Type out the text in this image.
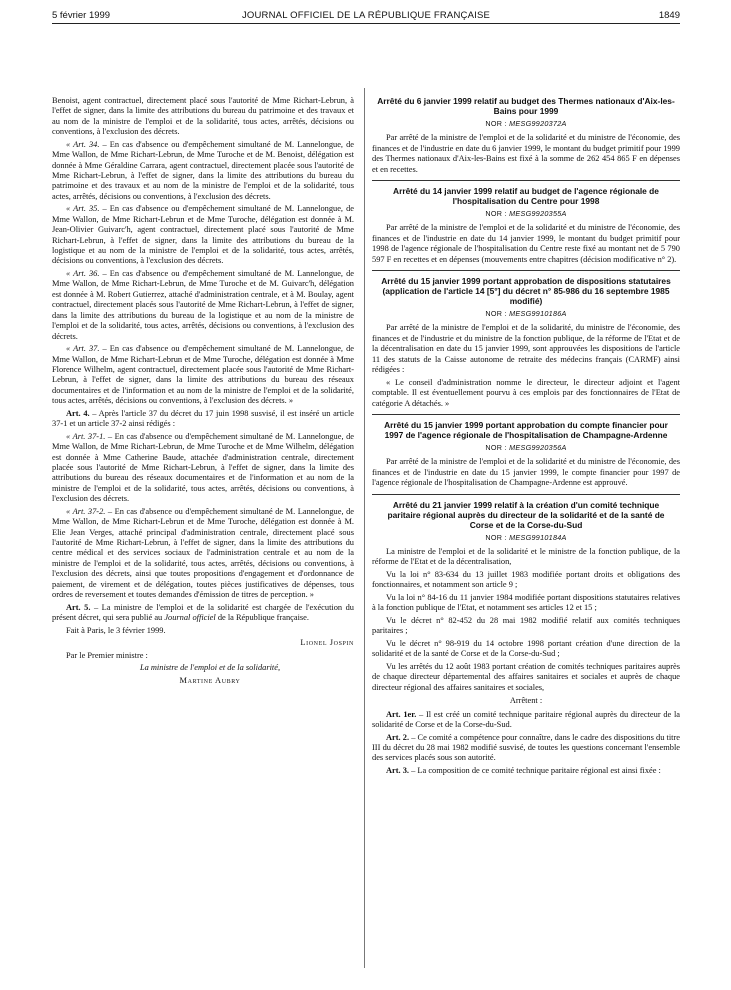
5 février 1999	JOURNAL OFFICIEL DE LA RÉPUBLIQUE FRANÇAISE	1849

Benoist, agent contractuel, directement placé sous l'autorité de Mme Richart-Lebrun, à l'effet de signer, dans la limite des attributions du bureau du patrimoine et des travaux et au nom de la ministre de l'emploi et de la solidarité, tous actes, arrêtés, décisions ou conventions, à l'exclusion des décrets.

« Art. 34. – En cas d'absence ou d'empêchement simultané de M. Lannelongue, de Mme Wallon, de Mme Richart-Lebrun, de Mme Turoche et de M. Benoist, délégation est donnée à Mme Géraldine Carrara, agent contractuel, directement placée sous l'autorité de Mme Richart-Lebrun, à l'effet de signer, dans la limite des attributions du bureau du patrimoine et des travaux et au nom de la ministre de l'emploi et de la solidarité, tous actes, arrêtés, décisions ou conventions, à l'exclusion des décrets.

« Art. 35. – En cas d'absence ou d'empêchement simultané de M. Lannelongue, de Mme Wallon, de Mme Richart-Lebrun et de Mme Turoche, délégation est donnée à M. Jean-Olivier Guivarc'h, agent contractuel, directement placé sous l'autorité de Mme Richart-Lebrun, à l'effet de signer, dans la limite des attributions du bureau de la logistique et au nom de la ministre de l'emploi et de la solidarité, tous actes, arrêtés, décisions ou conventions, à l'exclusion des décrets.

« Art. 36. – En cas d'absence ou d'empêchement simultané de M. Lannelongue, de Mme Wallon, de Mme Richart-Lebrun, de Mme Turoche et de M. Guivarc'h, délégation est donnée à M. Robert Gutierrez, attaché d'administration centrale, et à M. Boulay, agent contractuel, directement placés sous l'autorité de Mme Richart-Lebrun, à l'effet de signer, dans la limite des attributions du bureau de la logistique et au nom de la ministre de l'emploi et de la solidarité, tous actes, arrêtés, décisions ou conventions, à l'exclusion des décrets.

« Art. 37. – En cas d'absence ou d'empêchement simultané de M. Lannelongue, de Mme Wallon, de Mme Richart-Lebrun et de Mme Turoche, délégation est donnée à Mme Florence Wilhelm, agent contractuel, directement placée sous l'autorité de Mme Richart-Lebrun, à l'effet de signer, dans la limite des attributions du bureau des réseaux documentaires et de l'information et au nom de la ministre de l'emploi et de la solidarité, tous actes, arrêtés, décisions ou conventions, à l'exclusion des décrets. »

Art. 4. – Après l'article 37 du décret du 17 juin 1998 susvisé, il est inséré un article 37-1 et un article 37-2 ainsi rédigés :

« Art. 37-1. – En cas d'absence ou d'empêchement simultané de M. Lannelongue, de Mme Wallon, de Mme Richart-Lebrun, de Mme Turoche et de Mme Wilhelm, délégation est donnée à Mme Catherine Baude, attachée d'administration centrale, directement placée sous l'autorité de Mme Richart-Lebrun, à l'effet de signer, dans la limite des attributions du bureau des réseaux documentaires et de l'information et au nom de la ministre de l'emploi et de la solidarité, tous actes, arrêtés, décisions ou conventions, à l'exclusion des décrets.

« Art. 37-2. – En cas d'absence ou d'empêchement simultané de M. Lannelongue, de Mme Wallon, de Mme Richart-Lebrun et de Mme Turoche, délégation est donnée à M. Elie Jean Verges, attaché principal d'administration centrale, directement placé sous l'autorité de Mme Richart-Lebrun, à l'effet de signer, dans la limite des attributions du centre médical et des services sociaux de l'administration centrale et au nom de la ministre de l'emploi et de la solidarité, tous actes, arrêtés, décisions ou conventions, à l'exclusion des décrets, ainsi que toutes propositions d'engagement et d'ordonnance de paiement, de virement et de délégation, toutes pièces justificatives de dépenses, tous ordres de reversement et toutes demandes d'émission de titres de perception. »

Art. 5. – La ministre de l'emploi et de la solidarité est chargée de l'exécution du présent décret, qui sera publié au Journal officiel de la République française.

Fait à Paris, le 3 février 1999.

Lionel Jospin

Par le Premier ministre :

La ministre de l'emploi et de la solidarité,

Martine Aubry

Arrêté du 6 janvier 1999 relatif au budget des Thermes nationaux d'Aix-les-Bains pour 1999
NOR : MESG9920372A

Par arrêté de la ministre de l'emploi et de la solidarité et du ministre de l'économie, des finances et de l'industrie en date du 6 janvier 1999, le montant du budget primitif pour 1999 des Thermes nationaux d'Aix-les-Bains est fixé à la somme de 262 454 865 F en dépenses et en recettes.

Arrêté du 14 janvier 1999 relatif au budget de l'agence régionale de l'hospitalisation du Centre pour 1998
NOR : MESG9920355A

Par arrêté de la ministre de l'emploi et de la solidarité et du ministre de l'économie, des finances et de l'industrie en date du 14 janvier 1999, le montant du budget primitif pour 1998 de l'agence régionale de l'hospitalisation du Centre reste fixé au montant net de 5 790 597 F en recettes et en dépenses (mouvements entre chapitres (décision modificative n° 2).

Arrêté du 15 janvier 1999 portant approbation de dispositions statutaires (application de l'article 14 [5°] du décret n° 85-986 du 16 septembre 1985 modifié)
NOR : MESG9910186A

Par arrêté de la ministre de l'emploi et de la solidarité, du ministre de l'économie, des finances et de l'industrie et du ministre de la fonction publique, de la réforme de l'Etat et de la décentralisation en date du 15 janvier 1999, sont approuvées les dispositions de l'article 11 des statuts de la Caisse autonome de retraite des médecins français (CARMF) ainsi rédigées :

« Le conseil d'administration nomme le directeur, le directeur adjoint et l'agent comptable. Il est éventuellement pourvu à ces emplois par des fonctionnaires de l'Etat de catégorie A détachés. »

Arrêté du 15 janvier 1999 portant approbation du compte financier pour 1997 de l'agence régionale de l'hospitalisation de Champagne-Ardenne
NOR : MESG9920356A

Par arrêté de la ministre de l'emploi et de la solidarité et du ministre de l'économie, des finances et de l'industrie en date du 15 janvier 1999, le compte financier pour 1997 de l'agence régionale de l'hospitalisation de Champagne-Ardenne est approuvé.

Arrêté du 21 janvier 1999 relatif à la création d'un comité technique paritaire régional auprès du directeur de la solidarité et de la santé de Corse et de la Corse-du-Sud
NOR : MESG9910184A

La ministre de l'emploi et de la solidarité et le ministre de la fonction publique, de la réforme de l'Etat et de la décentralisation,

Vu la loi n° 83-634 du 13 juillet 1983 modifiée portant droits et obligations des fonctionnaires, et notamment son article 9 ;

Vu la loi n° 84-16 du 11 janvier 1984 modifiée portant dispositions statutaires relatives à la fonction publique de l'Etat, et notamment ses articles 12 et 15 ;

Vu le décret n° 82-452 du 28 mai 1982 modifié relatif aux comités techniques paritaires ;

Vu le décret n° 98-919 du 14 octobre 1998 portant création d'une direction de la solidarité et de la santé de Corse et de la Corse-du-Sud ;

Vu les arrêtés du 12 août 1983 portant création de comités techniques paritaires auprès de chaque directeur départemental des affaires sanitaires et sociales et auprès de chaque directeur régional des affaires sanitaires et sociales,

Arrêtent :

Art. 1er. – Il est créé un comité technique paritaire régional auprès du directeur de la solidarité de Corse et de la Corse-du-Sud.

Art. 2. – Ce comité a compétence pour connaître, dans le cadre des dispositions du titre III du décret du 28 mai 1982 modifié susvisé, de toutes les questions concernant l'ensemble des services placés sous son autorité.

Art. 3. – La composition de ce comité technique paritaire régional est ainsi fixée :
